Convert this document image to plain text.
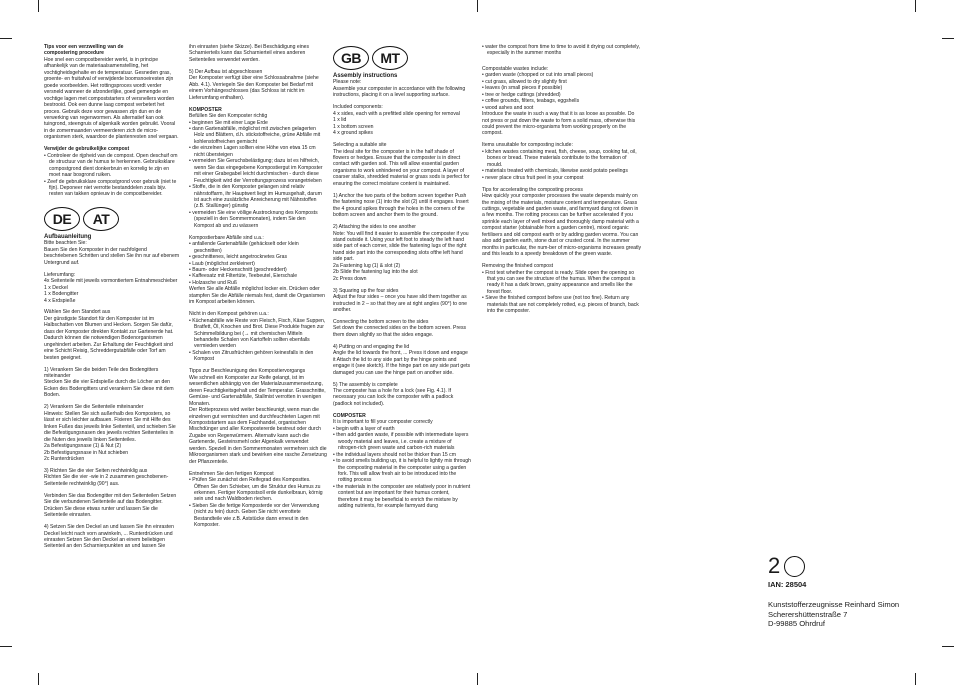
Tips voor een verzwelling van de
compostering procedure
Hoe snel een compostbereider werkt, is in principe afhankelijk van de materiaalsamenstelling, het vochtigheidsgehalte en de temperatuur. Gesneden gras, groente- en fruitafval of verwijderde boomsnoeiresten zijn goede voorbeelden. Het rottingsproces wordt verder versneld wanneer de afzonderlijke, goed gemengde en vochtige lagen met compoststarters of versnellers worden bestrooid. Ook een dunne laag compost verbetert het proces. Gebruik deze voor gewassen zijn dun en de verwerking van regenwormen. Als alternatief kan ook tuingrond, steengruis of algenkalk worden gebruikt. Vooral in de zomermaanden vermeerderen zich de micro-organismen sterk, waardoor de plantenresten snel vergaan.

Verwijder de gebruikelijke compost

• Controleer de rijpheid van de compost. Open deschuif om de structuur van de humus te herkennen. Gebruiksklare compostgrond dient donkerbruin en korrelig te zijn en moet naar bosgrond ruiken.
• Zeef de gebruiksklare compostgrond voor gebruik (niet te fijn). Deponeer niet verrotte bestanddelen zoals bijv. resten van takken opnieuw in de compostbereider.
DE	AT

Aufbauanleitung
Bitte beachten Sie:
Bauen Sie den Komposter in der nachfolgend beschriebenen Schritten und stellen Sie ihn nur auf ebenem Untergrund auf.

Lieferumfang:
4x Seitenteile mit jeweils vormontiertem Entnahmeschieber
1 x Deckel
1 x Bodengitter
4 x Erdspieße

Wählen Sie den Standort aus
Der günstigste Standort für den Komposter ist im Halbschatten von Blumen und Hecken. Sorgen Sie dafür, dass der Komposter direkten Kontakt zur Gartenerde hat. Dadurch können die notwendigen Bodenorganismen ungehindert arbeiten. Zur Erhaltung der Feuchtigkeit sind eine Schicht Reisig, Schreddergutabfälle oder Torf am besten geeignet.

1) Verankern Sie die beiden Teile des Bodengitters miteinander
Stecken Sie die vier Erdspieße durch die Löcher an den Ecken des Bodengitters und verankern Sie diese mit dem Boden.

2) Verankern Sie die Seitenteile miteinander
Hinweis: Stellen Sie sich außerhalb des Komposters, so lässt er sich leichter aufbauen. Fixieren Sie mit Hilfe des linken Fußes das jeweils linke Seitenteil, und schieben Sie die Befestigungsnasen des jeweils rechten Seitenteiles in die Nuten des jeweils linken Seitenteiles.
2a Befestigungsnase (1) & Nut (2)
2b Befestigungsnase in Nut schieben
2c Runterdrücken

3) Richten Sie die vier Seiten rechtwinklig aus
Richten Sie die vier -wie in 2 zusammen geschobenen- Seitenteile rechtwinklig (90°) aus.

Verbinden Sie das Bodengitter mit den Seitenteilen Setzen Sie die verbundenen Seitenteile auf das Bodengitter. Drücken Sie diese etwas runter und lassen Sie die Seitenteile einrasten.

4) Setzen Sie den Deckel an und lassen Sie ihn einrasten
Deckel leicht nach vorn anwinkeln, ... Runterdrücken und einrasten Setzen Sie den Deckel an einem beliebigen Seitenteil an den Scharnierpunkten an und lassen Sie

ihn einrasten (siehe Skizze). Bei Beschädigung eines Scharnierteils kann das Scharnierteil eines anderen Seitenteiles verwendet werden.

5) Der Aufbau ist abgeschlossen
Der Komposter verfügt über eine Schlossabnahme (siehe Abb. 4.1). Verriegeln Sie den Komposter bei Bedarf mit einem Vorhängeschlosses (das Schloss ist nicht im Lieferumfang enthalten).

KOMPOSTER
Befüllen Sie den Komposter richtig

• beginnen Sie mit einer Lage Erde
• dann Gartenabfälle, möglichst mit zwischen gelagerten Holz und Blättern, d.h. stickstoffreiche, grüne Abfälle mit kohlenstoffreichen gemischt
• die einzelnen Lagen sollten eine Höhe von etwa 15 cm nicht übersteigen
• vermeiden Sie Geruchsbelästigung; dazu ist es hilfreich, wenn Sie das eingegebene Kompostiergut im Komposter mit einer Grabegabel leicht durchmischen - durch diese Feuchtigkeit wird der Verrottungsprozess vorangetrieben
• Stoffe, die in den Komposter gelangen sind relativ nährstoffarm, ihr Hauptwert liegt im Humusgehalt, darum ist auch eine zusätzliche Anreicherung mit Nährstoffen (z.B. Stallünger) günstig
• vermeiden Sie eine völlige Austrocknung des Komposts (speziell in den Sommermonaten), indem Sie den Kompost ab und zu wässern

Kompostierbare Abfälle sind u.a.:

• anfallende Gartenabfälle (gehäckselt oder klein geschnitten)
• geschnittenes, leicht angetrocknetes Gras
• Laub (möglichst zerkleinert)
• Baum- oder Heckenschnitt (geschreddert)
• Kaffeesatz mit Filtertüte, Teebeutel, Eierschale
• Holzasche und Ruß

Werfen Sie alle Abfälle möglichst locker ein. Drücken oder stampfen Sie die Abfälle niemals fest, damit die Organismen im Kompost arbeiten können.

Nicht in den Kompost gehören u.a.:

• Küchenabfälle wie Reste von Fleisch, Fisch, Käse Suppen, Bratfett, Öl, Knochen und Brot. Diese Produkte fragen zur Schimmelbildung bei (→ mit chemischen Mitteln behandelte Schalen von Kartoffeln sollten ebenfalls vermieden werden
• Schalen von Zitrusfrüchten gehören keinesfalls in den Kompost

Tipps zur Beschleunigung des Kompostiervorgangs
Wie schnell ein Komposter zur Reife gelangt, ist im wesentlichen abhängig von der Materialzusammensetzung, deren Feuchtigkeitsgehalt und der Temperatur. Grasschnitte, Gemüse- und Gartenabfälle, Stallmist verrotten in wenigen Monaten.
Der Rotteprozess wird weiter beschleunigt, wenn man die einzelnen gut vermischten und durchfeuchteten Lagen mit Kompoststartern aus dem Fachhandel, organischen Mischdünger und aller Kompostererde bestreut oder durch Zugabe von Regenwürmern. Alternativ kann auch die Gartenerde, Gesteinsmehl oder Algenkalk verwendet werden. Speziell in den Sommermonaten vermehren sich die Mikroorganismen stark und bewirken eine rasche Zersetzung der Pflanzenteile.

Entnehmen Sie den fertigen Kompost

• Prüfen Sie zunächst den Reifegrad des Komposttes. Öffnen Sie den Schieber, um die Struktur des Humus zu erkennen. Fertiger Kompostsoll erde dunkelbraun, körnig sein und nach Waldboden riechen.
• Sieben Sie die fertige Komposterde vor der Verwendung (nicht zu fein) durch. Geben Sie nicht verrottete Bestandteile wie z.B. Aststücke dann erneut in den Komposter.
GB	MT

Assembly instructions
Please note:
Assemble your composter in accordance with the following instructions, placing it on a level supporting surface.

Included components:
4 x sides, each with a prefitted slide opening for removal
1 x lid
1 x bottom screen
4 x ground spikes

Selecting a suitable site
The ideal site for the composter is in the half shade of flowers or hedges. Ensure that the composter is in direct contact with garden soil. This will allow essential garden organisms to work unhindered on your compost. A layer of coarser stalks, shredded material or grass sods is perfect for ensuring the correct moisture content is maintained.

1) Anchor the two parts of the bottom screen together Push the fastening nose (1) into the slot (2) until it engages. Insert the 4 ground spikes through the holes in the corners of the bottom screen and anchor them to the ground.

2) Attaching the sides to one another
Note: You will find it easier to assemble the composter if you stand outside it. Using your left foot to steady the left hand side part of each corner, slide the fastening lugs of the right hand side part into the corresponding slots ofthe left hand side part.
2a Fastening lug (1) & slot (2)
2b Slide the fastening lug into the slot
2c Press down

3) Squaring up the four sides
Adjust the four sides – once you have slid them together as instructed in 2 – so that they are at right angles (90°) to one another.

Connecting the bottom screen to the sides
Set down the connected sides on the bottom screen. Press them down slightly so that the sides engage.

4) Putting on and engaging the lid
Angle the lid towards the front, ... Press it down and engage it Attach the lid to any side part by the hinge points and engage it (see sketch). If the hinge part on any side part gets damaged you can use the hinge part on another side.

5) The assembly is complete
The composter has a hole for a lock (see Fig. 4.1). If necessary you can lock the composter with a padlock (padlock not included).

COMPOSTER
It is important to fill your composter correctly

• begin with a layer of earth
• then add garden waste, if possible with intermediate layers woody material and leaves, i.e. create a mixture of nitrogen-rich green waste and carbon-rich materials
• the individual layers should not be thicker than 15 cm
• to avoid smells building up, it is helpful to lightly mix through the composting material in the composter using a garden fork. This will allow fresh air to be introduced into the rotting process
• the materials in the composter are relatively poor in nutrient content but are important for their humus content, therefore it may be beneficial to enrich the mixture by adding nutrients, for example farmyard dung
• water the compost from time to time to avoid it drying out completely, especially in the summer months

Compostable wastes include:

• garden waste (chopped or cut into small pieces)
• cut grass, allowed to dry slightly first
• leaves (in small pieces if possible)
• tree or hedge cuttings (shredded)
• coffee grounds, filters, teabags, eggshells
• wood ashes and soot

Introduce the waste in such a way that it is as loose as possible. Do not press or pat down the waste to form a solid mass, otherwise this could prevent the micro-organisms from working properly on the compost.

Items unsuitable for composting include:

• kitchen wastes containing meat, fish, cheese, soup, cooking fat, oil, bones or bread. These materials contribute to the formation of mould.
• materials treated with chemicals, likewise avoid potato peelings
• never place citrus fruit peel in your compost

Tips for accelerating the composting process
How quickly your composter processes the waste depends mainly on the mixing of the materials, moisture content and temperature. Grass cuttings, vegetable and garden waste, and farmyard dung rot down in a few months. The rotting process can be further accelerated if you sprinkle each layer of well mixed and thoroughly damp material with a compost starter (obtainable from a garden centre), mixed organic fertilisers and old compost earth or by adding garden worms. You can also add garden earth, stone dust or crusted coral. In the summer months in particular, the num-ber of micro-organisms increases greatly and this leads to a speedy breakdown of the green waste.

Removing the finished compost

• First test whether the compost is ready. Slide open the opening so that you can see the structure of the humus. When the compost is ready it has a dark brown, grainy appearance and smells like the forest floor.
• Sieve the finished compost before use (not too fine). Return any materials that are not completely rotted, e.g. pieces of branch, back into the composter.
2
IAN: 28504
Kunststofferzeugnisse Reinhard Simon
Scherershüttenstraße 7
D-99885 Ohrdruf
